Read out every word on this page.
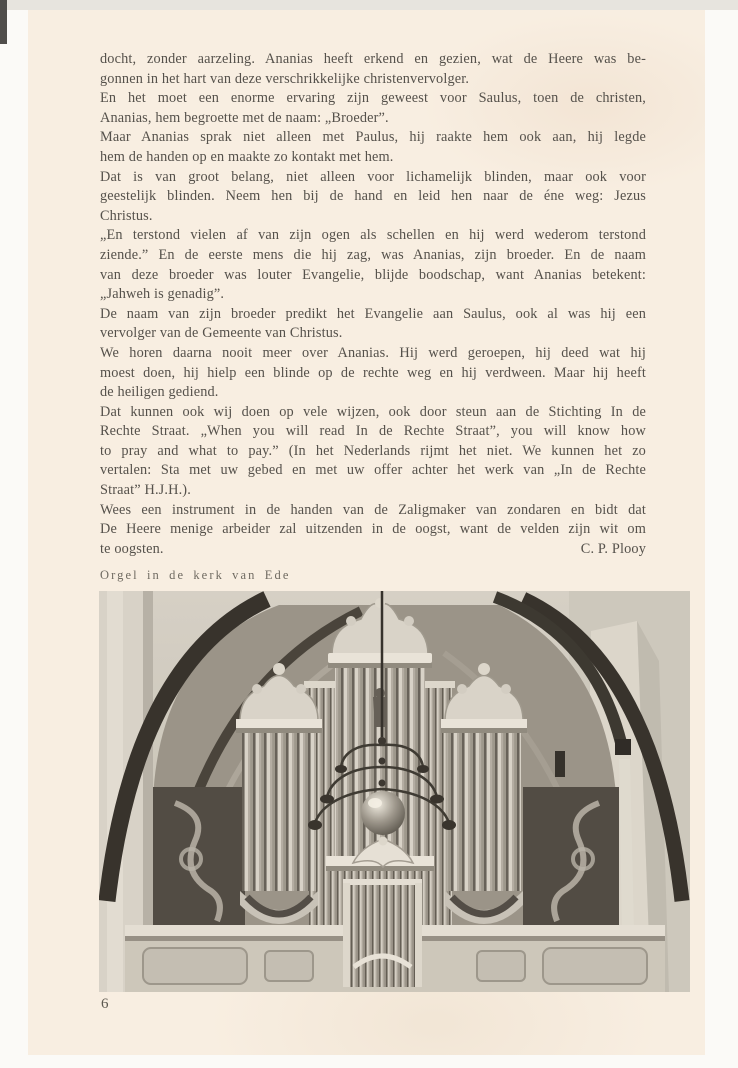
docht, zonder aarzeling. Ananias heeft erkend en gezien, wat de Heere was be-
gonnen in het hart van deze verschrikkelijke christenvervolger.
En het moet een enorme ervaring zijn geweest voor Saulus, toen de christen,
Ananias, hem begroette met de naam: „Broeder”.
Maar Ananias sprak niet alleen met Paulus, hij raakte hem ook aan, hij legde
hem de handen op en maakte zo kontakt met hem.
Dat is van groot belang, niet alleen voor lichamelijk blinden, maar ook voor
geestelijk blinden. Neem hen bij de hand en leid hen naar de éne weg: Jezus
Christus.
„En terstond vielen af van zijn ogen als schellen en hij werd wederom terstond
ziende.” En de eerste mens die hij zag, was Ananias, zijn broeder. En de naam
van deze broeder was louter Evangelie, blijde boodschap, want Ananias betekent:
„Jahweh is genadig”.
De naam van zijn broeder predikt het Evangelie aan Saulus, ook al was hij een
vervolger van de Gemeente van Christus.
We horen daarna nooit meer over Ananias. Hij werd geroepen, hij deed wat hij
moest doen, hij hielp een blinde op de rechte weg en hij verdween. Maar hij heeft
de heiligen gediend.
Dat kunnen ook wij doen op vele wijzen, ook door steun aan de Stichting In de
Rechte Straat. „When you will read In de Rechte Straat”, you will know how
to pray and what to pay.” (In het Nederlands rijmt het niet. We kunnen het zo
vertalen: Sta met uw gebed en met uw offer achter het werk van „In de Rechte
Straat” H.J.H.).
Wees een instrument in de handen van de Zaligmaker van zondaren en bidt dat
De Heere menige arbeider zal uitzenden in de oogst, want de velden zijn wit om
te oogsten.	C. P. Plooy
Orgel in de kerk van Ede
6
